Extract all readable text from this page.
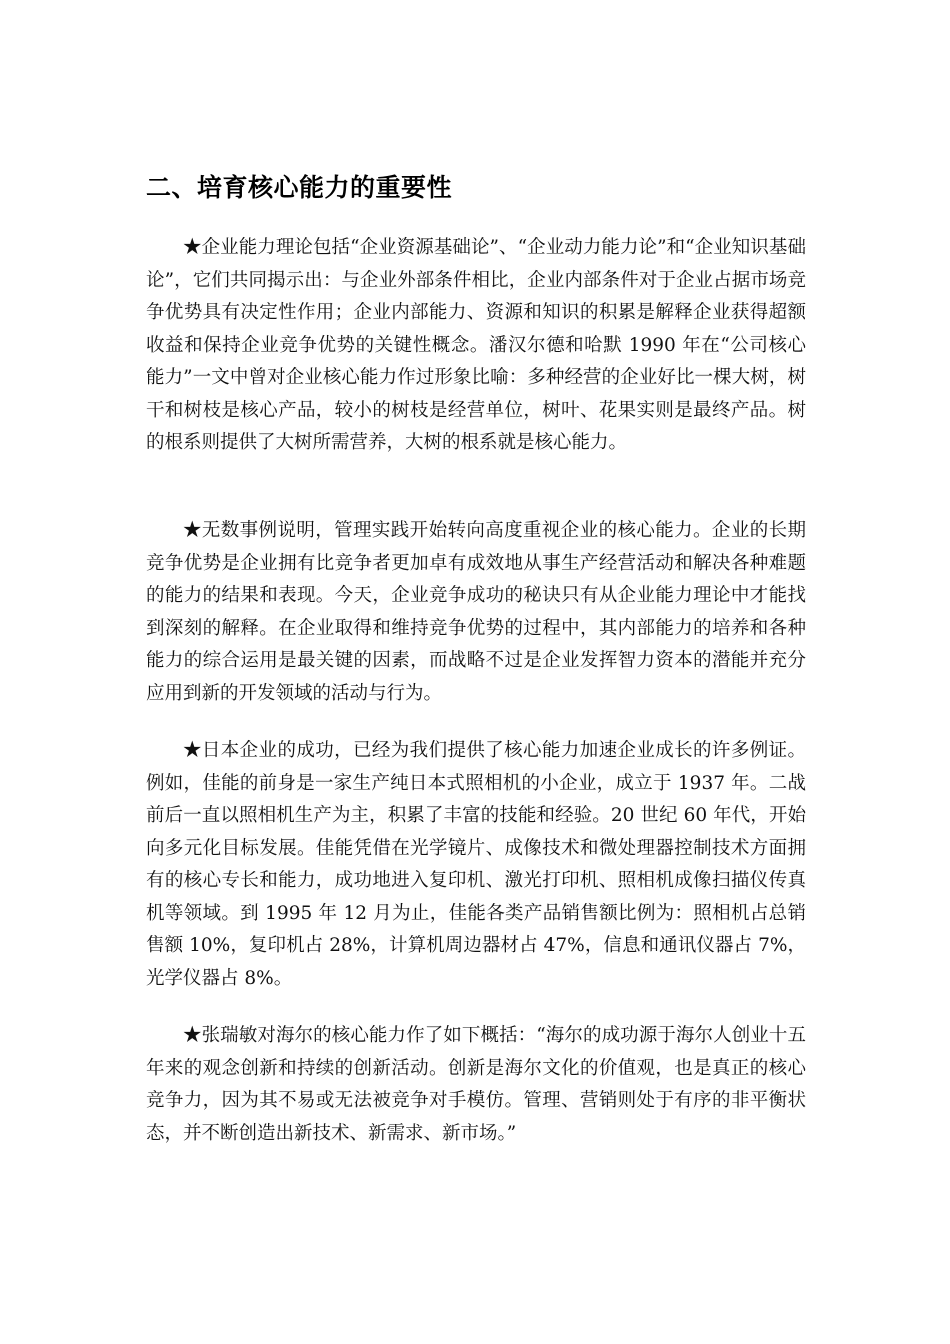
二、培育核心能力的重要性

★企业能力理论包括“企业资源基础论”、“企业动力能力论”和“企业知识基础论”，它们共同揭示出：与企业外部条件相比，企业内部条件对于企业占据市场竞争优势具有决定性作用；企业内部能力、资源和知识的积累是解释企业获得超额收益和保持企业竞争优势的关键性概念。潘汉尔德和哈默 1990 年在“公司核心能力”一文中曾对企业核心能力作过形象比喻：多种经营的企业好比一棵大树，树干和树枝是核心产品，较小的树枝是经营单位，树叶、花果实则是最终产品。树的根系则提供了大树所需营养，大树的根系就是核心能力。

★无数事例说明，管理实践开始转向高度重视企业的核心能力。企业的长期竞争优势是企业拥有比竞争者更加卓有成效地从事生产经营活动和解决各种难题的能力的结果和表现。今天，企业竞争成功的秘诀只有从企业能力理论中才能找到深刻的解释。在企业取得和维持竞争优势的过程中，其内部能力的培养和各种能力的综合运用是最关键的因素，而战略不过是企业发挥智力资本的潜能并充分应用到新的开发领域的活动与行为。

★日本企业的成功，已经为我们提供了核心能力加速企业成长的许多例证。例如，佳能的前身是一家生产纯日本式照相机的小企业，成立于 1937 年。二战前后一直以照相机生产为主，积累了丰富的技能和经验。20 世纪 60 年代，开始向多元化目标发展。佳能凭借在光学镜片、成像技术和微处理器控制技术方面拥有的核心专长和能力，成功地进入复印机、激光打印机、照相机成像扫描仪传真机等领域。到 1995 年 12 月为止，佳能各类产品销售额比例为：照相机占总销售额 10%，复印机占 28%，计算机周边器材占 47%，信息和通讯仪器占 7%，光学仪器占 8%。

★张瑞敏对海尔的核心能力作了如下概括：“海尔的成功源于海尔人创业十五年来的观念创新和持续的创新活动。创新是海尔文化的价值观，也是真正的核心竞争力，因为其不易或无法被竞争对手模仿。管理、营销则处于有序的非平衡状态，并不断创造出新技术、新需求、新市场。”
